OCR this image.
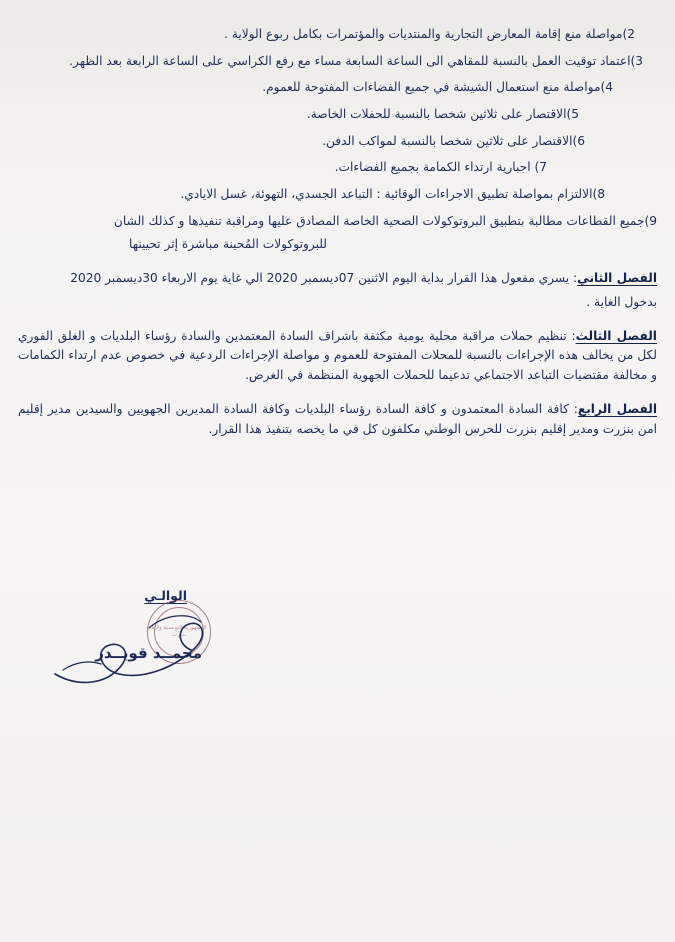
2)مواصلة منع إقامة المعارض التجارية والمنتديات والمؤتمرات بكامل ربوع الولاية .

3)اعتماد توقيت العمل بالنسبة للمقاهي الى الساعة السابعة مساء مع رفع الكراسي على الساعة الرابعة بعد الظهر.

4)مواصلة منع استعمال الشيشة في جميع الفضاءات المفتوحة للعموم.

5)الاقتصار على ثلاثين شخصا بالنسبة للحفلات الخاصة.

6)الاقتصار على ثلاثين شخصا بالنسبة لمواكب الدفن.

7) اجبارية ارتداء الكمامة بجميع الفضاءات.

8)الالتزام بمواصلة تطبيق الاجراءات الوقائية : التباعد الجسدي، التهوئة، غسل الايادي.

9)جميع القطاعات مطالبة بتطبيق البروتوكولات الصحية الخاصة المصادق عليها ومراقبة تنفيذها و كذلك الشان

للبروتوكولات المُحينة مباشرة إثر تحيينها

الفصل الثاني: يسري مفعول هذا القرار بداية اليوم الاثنين 07ديسمبر 2020 الي غاية يوم الاربعاء 30ديسمبر 2020

بدخول الغاية .

الفصل الثالث: تنظيم حملات مراقبة محلية يومية مكثفة باشراف السادة المعتمدين والسادة رؤساء البلديات و الغلق الفوري لكل من يخالف هذه الإجراءات بالنسبة للمحلات المفتوحة للعموم و مواصلة الإجراءات الردعية في خصوص عدم ارتداء الكمامات و مخالفة مقتضيات التباعد الاجتماعي تدعيما للحملات الجهوية المنظمة في الغرض.

الفصل الرابع: كافة السادة المعتمدون و كافة السادة رؤساء البلديات وكافة السادة المديرين الجهويين والسيدين مدير إقليم امن بنزرت ومدير إقليم بنزرت للحرس الوطني مكلفون كل في ما يخصه بتنفيذ هذا القرار.

الوالـي
الجمهورية التونسية ولاية بنزرت
محمــد قويــدر
